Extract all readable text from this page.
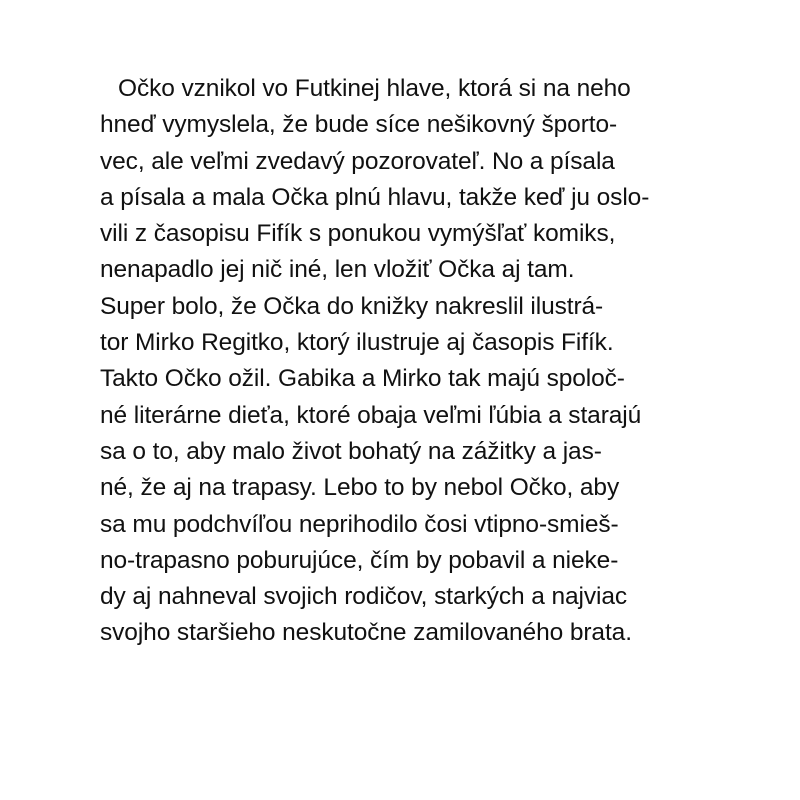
Očko vznikol vo Futkinej hlave, ktorá si na neho
hneď vymyslela, že bude síce nešikovný športo-
vec, ale veľmi zvedavý pozorovateľ. No a písala
a písala a mala Očka plnú hlavu, takže keď ju oslo-
vili z časopisu Fifík s ponukou vymýšľať komiks,
nenapadlo jej nič iné, len vložiť Očka aj tam.
Super bolo, že Očka do knižky nakreslil ilustrá-
tor Mirko Regitko, ktorý ilustruje aj časopis Fifík.
Takto Očko ožil. Gabika a Mirko tak majú spoloč-
né literárne dieťa, ktoré obaja veľmi ľúbia a starajú
sa o to, aby malo život bohatý na zážitky a jas-
né, že aj na trapasy. Lebo to by nebol Očko, aby
sa mu podchvíľou neprihodilo čosi vtipno-smieš-
no-trapasno poburujúce, čím by pobavil a nieke-
dy aj nahneval svojich rodičov, starkých a najviac
svojho staršieho neskutočne zamilovaného brata.
